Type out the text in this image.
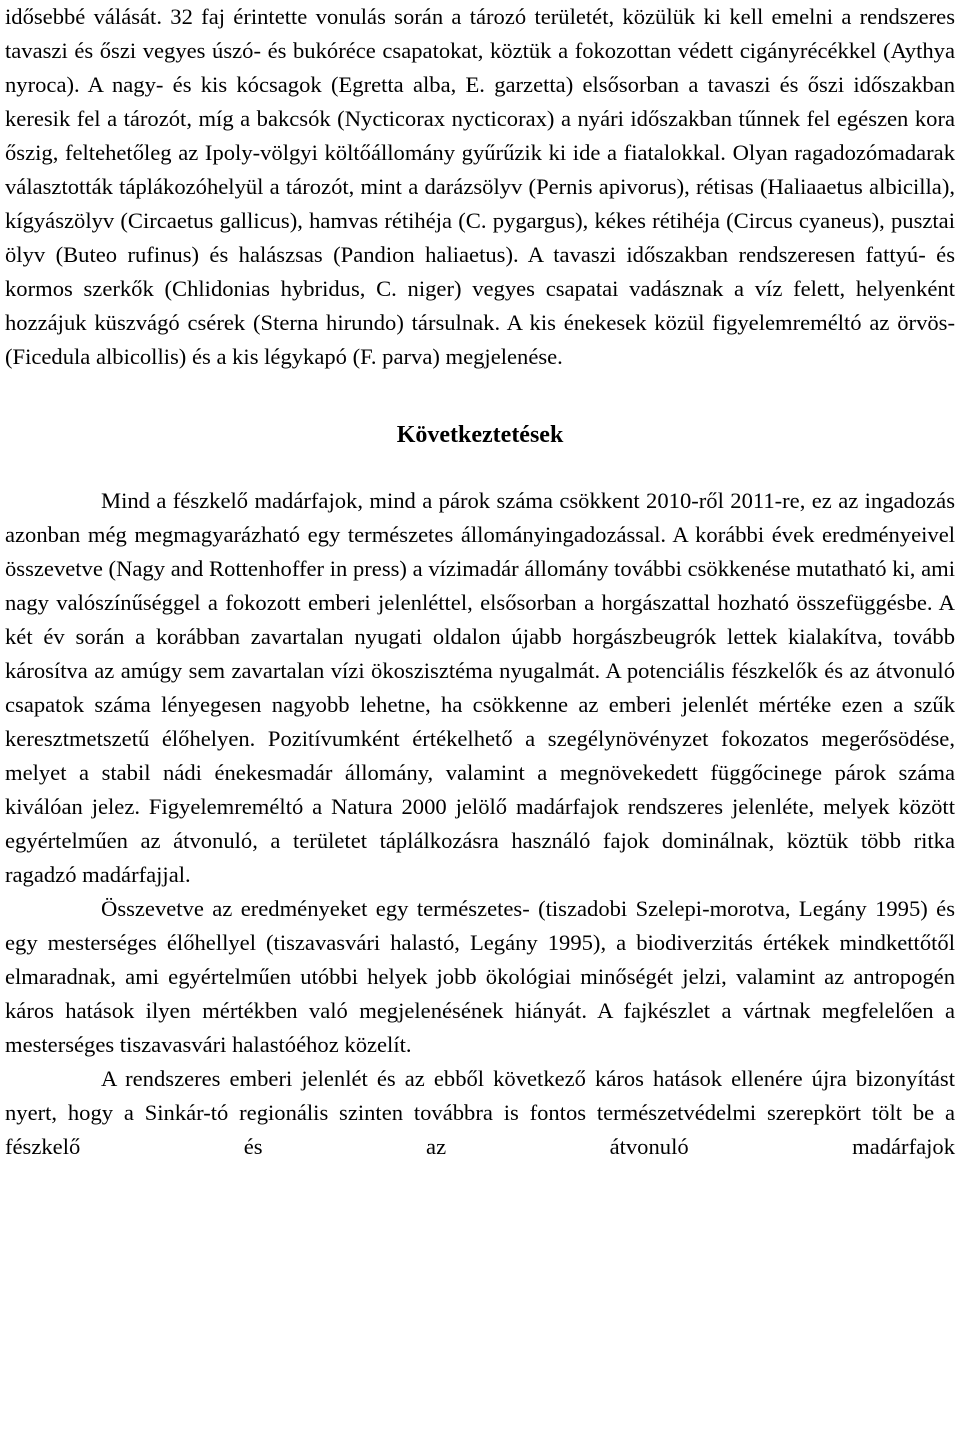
idősebbé válását. 32 faj érintette vonulás során a tározó területét, közülük ki kell emelni a rendszeres tavaszi és őszi vegyes úszó- és bukóréce csapatokat, köztük a fokozottan védett cigányrécékkel (Aythya nyroca). A nagy- és kis kócsagok (Egretta alba, E. garzetta) elsősorban a tavaszi és őszi időszakban keresik fel a tározót, míg a bakcsók (Nycticorax nycticorax) a nyári időszakban tűnnek fel egészen kora őszig, feltehetőleg az Ipoly-völgyi költőállomány gyűrűzik ki ide a fiatalokkal. Olyan ragadozómadarak választották táplákozóhelyül a tározót, mint a darázsölyv (Pernis apivorus), rétisas (Haliaaetus albicilla), kígyászölyv (Circaetus gallicus), hamvas rétihéja (C. pygargus), kékes rétihéja (Circus cyaneus), pusztai ölyv (Buteo rufinus) és halászsas (Pandion haliaetus). A tavaszi időszakban rendszeresen fattyú- és kormos szerkők (Chlidonias hybridus, C. niger) vegyes csapatai vadásznak a víz felett, helyenként hozzájuk küszvágó csérek (Sterna hirundo) társulnak. A kis énekesek közül figyelemreméltó az örvös- (Ficedula albicollis) és a kis légykapó (F. parva) megjelenése.

Következtetések

Mind a fészkelő madárfajok, mind a párok száma csökkent 2010-ről 2011-re, ez az ingadozás azonban még megmagyarázható egy természetes állományingadozással. A korábbi évek eredményeivel összevetve (Nagy and Rottenhoffer in press) a vízimadár állomány további csökkenése mutatható ki, ami nagy valószínűséggel a fokozott emberi jelenléttel, elsősorban a horgászattal hozható összefüggésbe. A két év során a korábban zavartalan nyugati oldalon újabb horgászbeugrók lettek kialakítva, tovább károsítva az amúgy sem zavartalan vízi ökoszisztéma nyugalmát. A potenciális fészkelők és az átvonuló csapatok száma lényegesen nagyobb lehetne, ha csökkenne az emberi jelenlét mértéke ezen a szűk keresztmetszetű élőhelyen. Pozitívumként értékelhető a szegélynövényzet fokozatos megerősödése, melyet a stabil nádi énekesmadár állomány, valamint a megnövekedett függőcinege párok száma kiválóan jelez. Figyelemreméltó a Natura 2000 jelölő madárfajok rendszeres jelenléte, melyek között egyértelműen az átvonuló, a területet táplálkozásra használó fajok dominálnak, köztük több ritka ragadzó madárfajjal.

Összevetve az eredményeket egy természetes- (tiszadobi Szelepi-morotva, Legány 1995) és egy mesterséges élőhellyel (tiszavasvári halastó, Legány 1995), a biodiverzitás értékek mindkettőtől elmaradnak, ami egyértelműen utóbbi helyek jobb ökológiai minőségét jelzi, valamint az antropogén káros hatások ilyen mértékben való megjelenésének hiányát. A fajkészlet a vártnak megfelelően a mesterséges tiszavasvári halastóéhoz közelít.

A rendszeres emberi jelenlét és az ebből következő káros hatások ellenére újra bizonyítást nyert, hogy a Sinkár-tó regionális szinten továbbra is fontos természetvédelmi szerepkört tölt be a fészkelő és az átvonuló madárfajok
